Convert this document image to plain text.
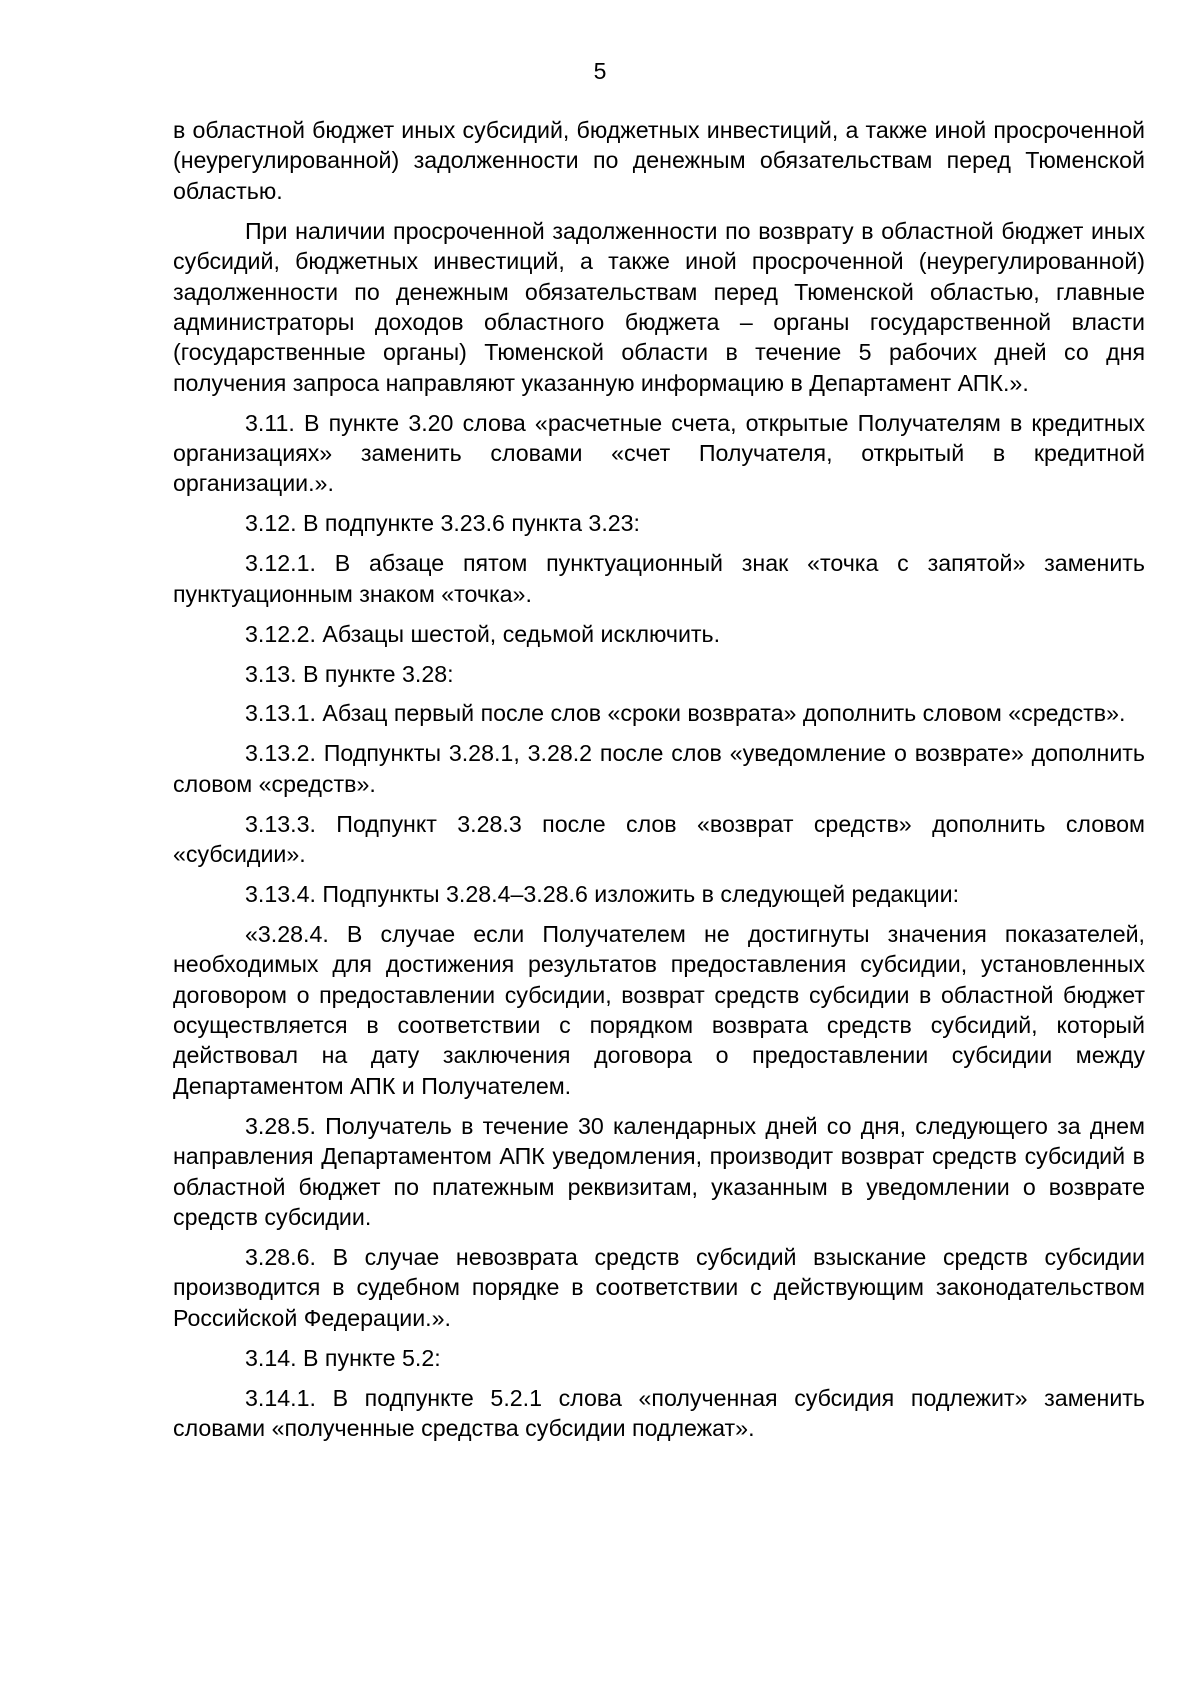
5

в областной бюджет иных субсидий, бюджетных инвестиций, а также иной просроченной (неурегулированной) задолженности по денежным обязательствам перед Тюменской областью.

При наличии просроченной задолженности по возврату в областной бюджет иных субсидий, бюджетных инвестиций, а также иной просроченной (неурегулированной) задолженности по денежным обязательствам перед Тюменской областью, главные администраторы доходов областного бюджета – органы государственной власти (государственные органы) Тюменской области в течение 5 рабочих дней со дня получения запроса направляют указанную информацию в Департамент АПК.».

3.11. В пункте 3.20 слова «расчетные счета, открытые Получателям в кредитных организациях» заменить словами «счет Получателя, открытый в кредитной организации.».

3.12. В подпункте 3.23.6 пункта 3.23:

3.12.1. В абзаце пятом пунктуационный знак «точка с запятой» заменить пунктуационным знаком «точка».

3.12.2. Абзацы шестой, седьмой исключить.

3.13. В пункте 3.28:

3.13.1. Абзац первый после слов «сроки возврата» дополнить словом «средств».

3.13.2. Подпункты 3.28.1, 3.28.2 после слов «уведомление о возврате» дополнить словом «средств».

3.13.3. Подпункт 3.28.3 после слов «возврат средств» дополнить словом «субсидии».

3.13.4. Подпункты 3.28.4–3.28.6 изложить в следующей редакции:

«3.28.4. В случае если Получателем не достигнуты значения показателей, необходимых для достижения результатов предоставления субсидии, установленных договором о предоставлении субсидии, возврат средств субсидии в областной бюджет осуществляется в соответствии с порядком возврата средств субсидий, который действовал на дату заключения договора о предоставлении субсидии между Департаментом АПК и Получателем.

3.28.5. Получатель в течение 30 календарных дней со дня, следующего за днем направления Департаментом АПК уведомления, производит возврат средств субсидий в областной бюджет по платежным реквизитам, указанным в уведомлении о возврате средств субсидии.

3.28.6. В случае невозврата средств субсидий взыскание средств субсидии производится в судебном порядке в соответствии с действующим законодательством Российской Федерации.».

3.14. В пункте 5.2:

3.14.1. В подпункте 5.2.1 слова «полученная субсидия подлежит» заменить словами «полученные средства субсидии подлежат».
